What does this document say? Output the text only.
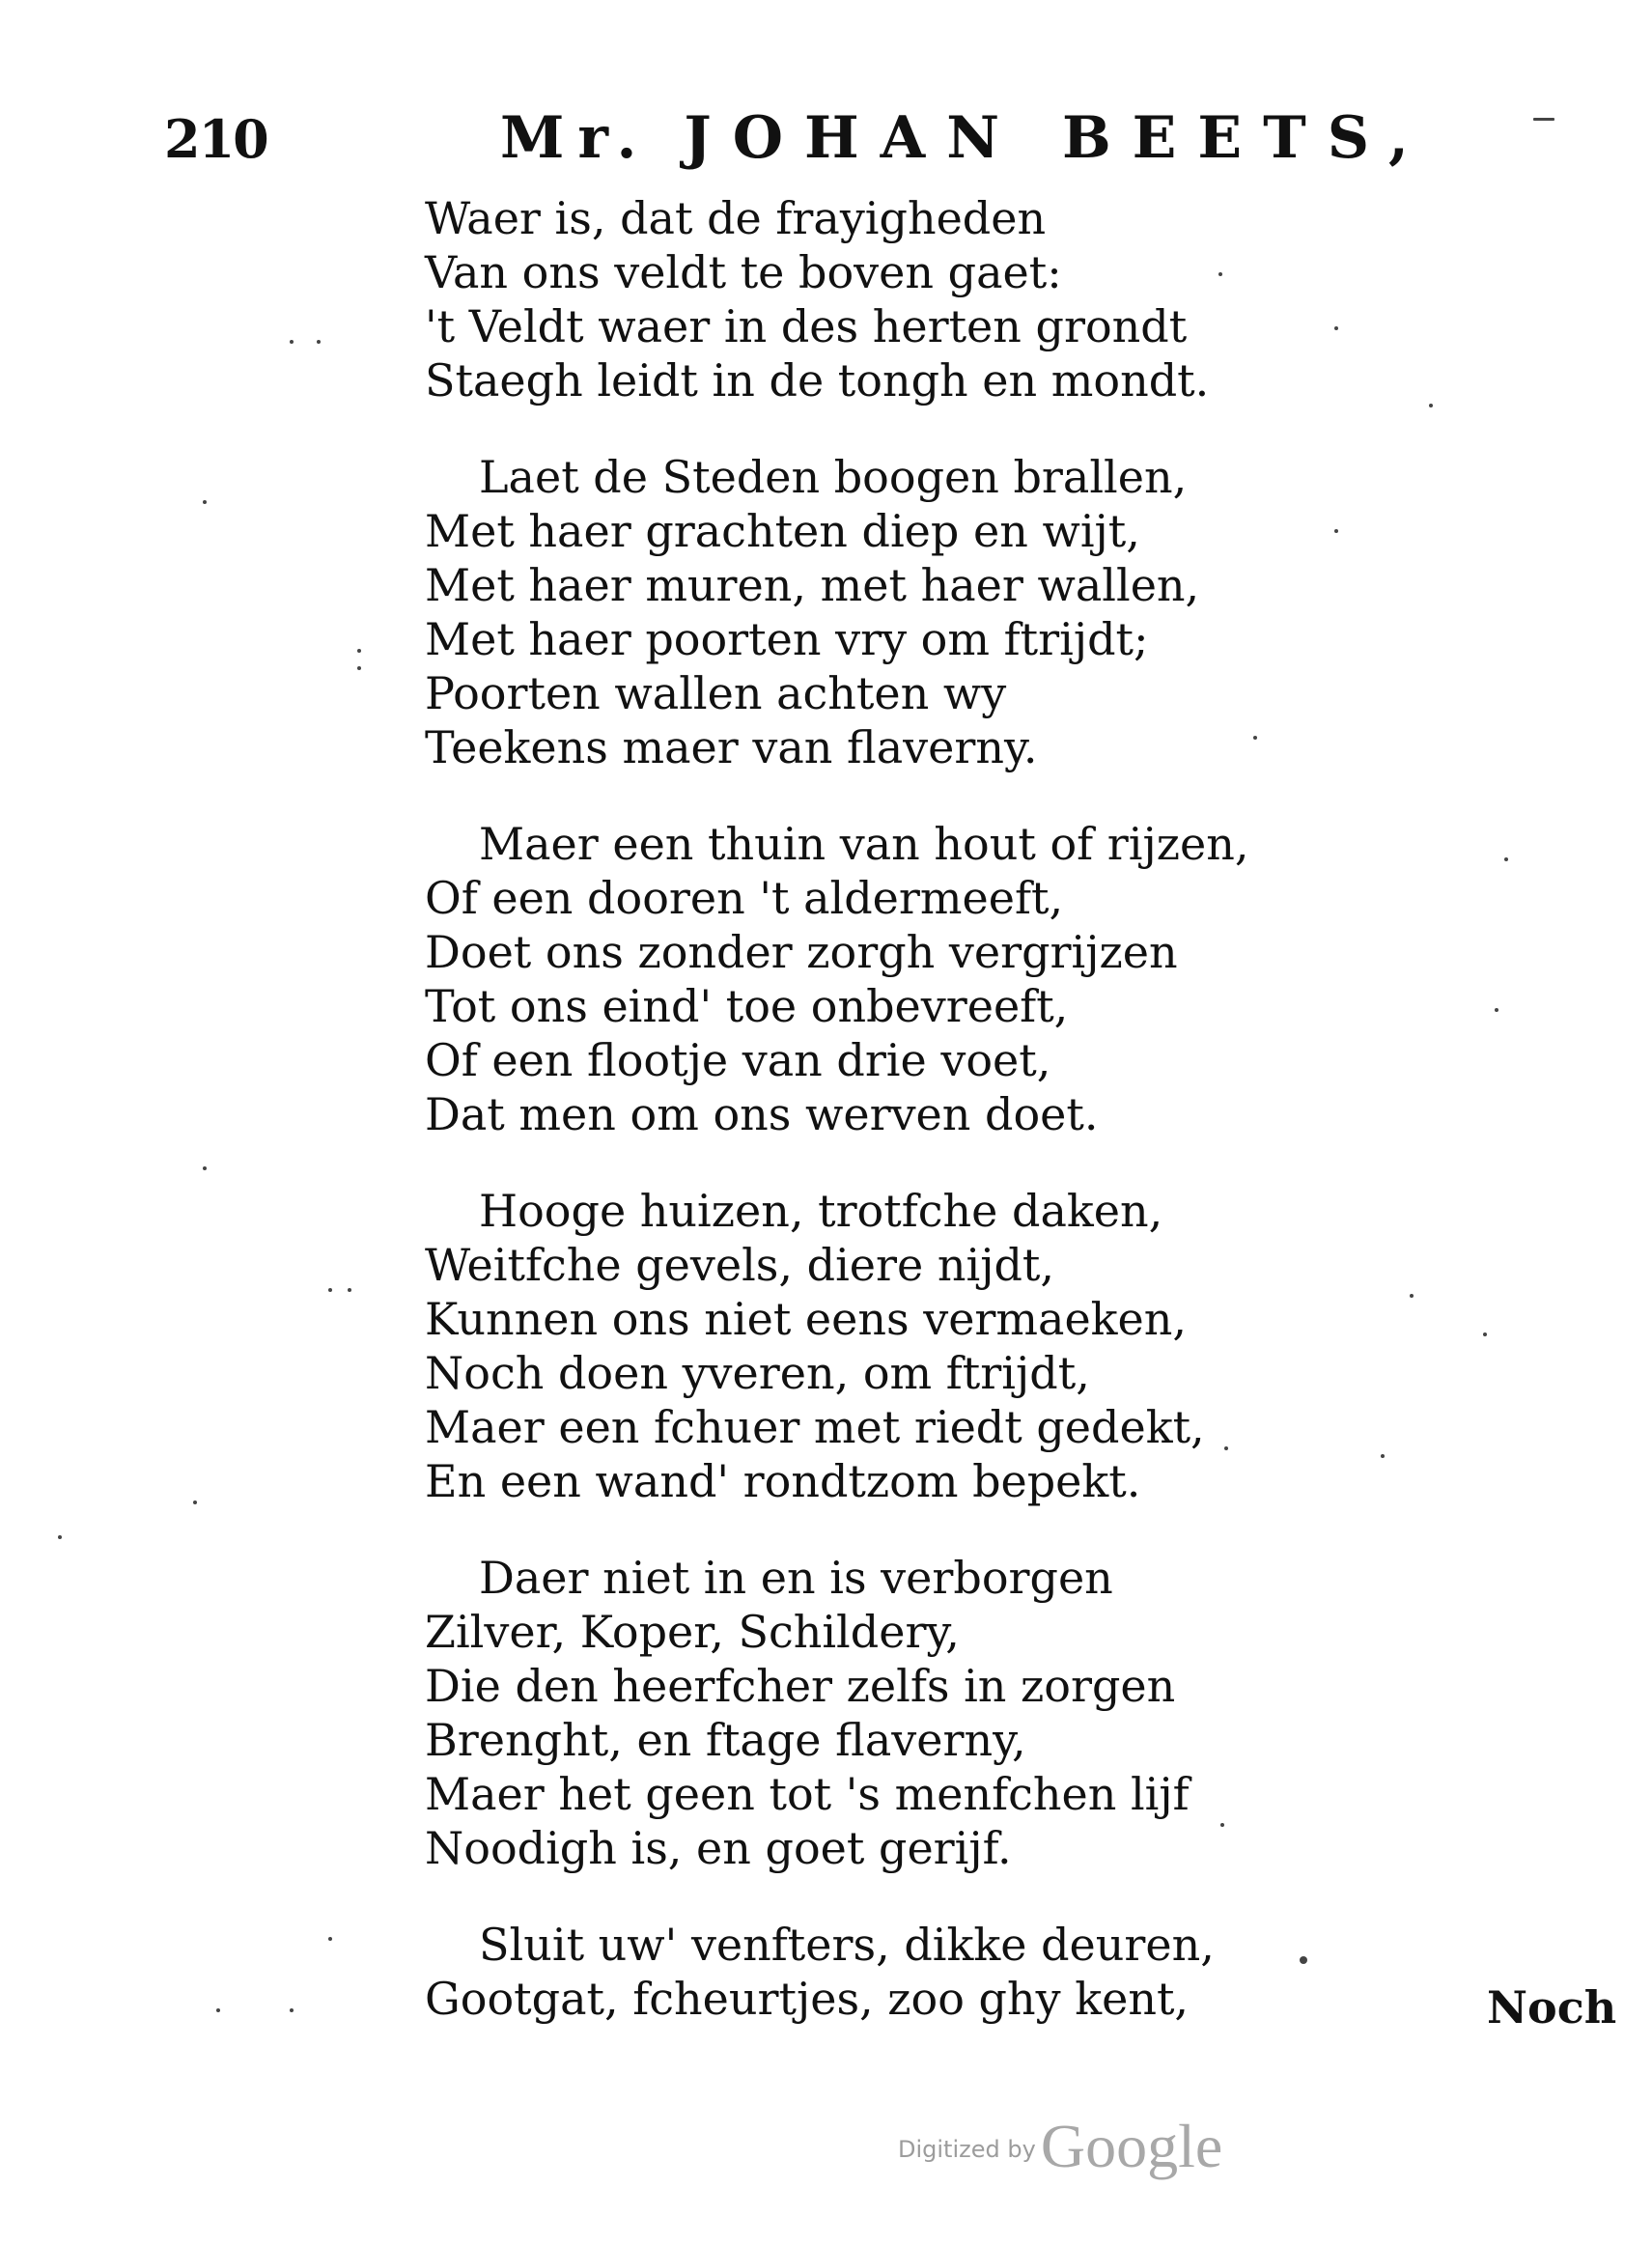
210	Mr. JOHAN BEETS,
Waer is, dat de frayigheden
Van ons veldt te boven gaet:
't Veldt waer in des herten grondt
Staegh leidt in de tongh en mondt.
Laet de Steden boogen brallen,
Met haer grachten diep en wijt,
Met haer muren, met haer wallen,
Met haer poorten vry om ftrijdt;
Poorten wallen achten wy
Teekens maer van flaverny.
Maer een thuin van hout of rijzen,
Of een dooren 't aldermeeft,
Doet ons zonder zorgh vergrijzen
Tot ons eind' toe onbevreeft,
Of een flootje van drie voet,
Dat men om ons werven doet.
Hooge huizen, trotfche daken,
Weitfche gevels, diere nijdt,
Kunnen ons niet eens vermaeken,
Noch doen yveren, om ftrijdt,
Maer een fchuer met riedt gedekt,
En een wand' rondtzom bepekt.
Daer niet in en is verborgen
Zilver, Koper, Schildery,
Die den heerfcher zelfs in zorgen
Brenght, en ftage flaverny,
Maer het geen tot 's menfchen lijf
Noodigh is, en goet gerijf.
Sluit uw' venfters, dikke deuren,
Gootgat, fcheurtjes, zoo ghy kent,	Noch
Digitized by Google
